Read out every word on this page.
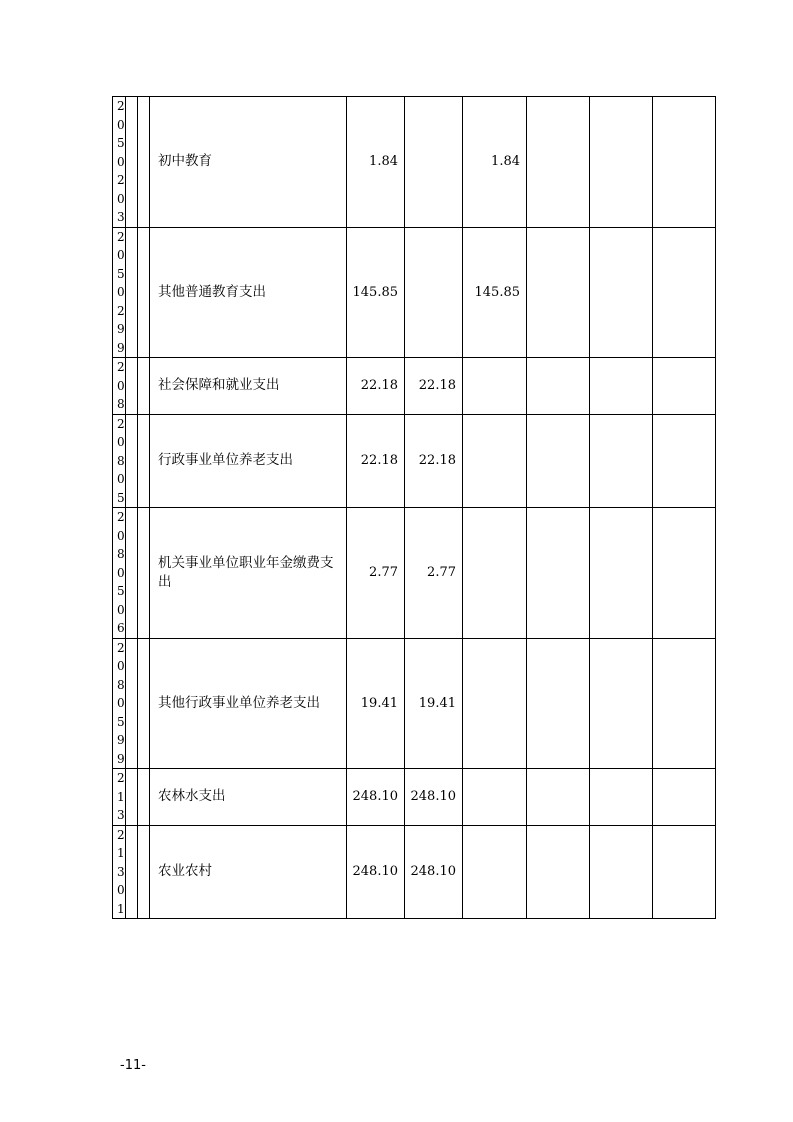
2050203			初中教育	1.84		1.84			

2050299			其他普通教育支出	145.85		145.85			

208			社会保障和就业支出	22.18	22.18				

20805			行政事业单位养老支出	22.18	22.18				

2080506			机关事业单位职业年金缴费支出	2.77	2.77				

2080599			其他行政事业单位养老支出	19.41	19.41				

213			农林水支出	248.10	248.10				

21301			农业农村	248.10	248.10				
-11-
